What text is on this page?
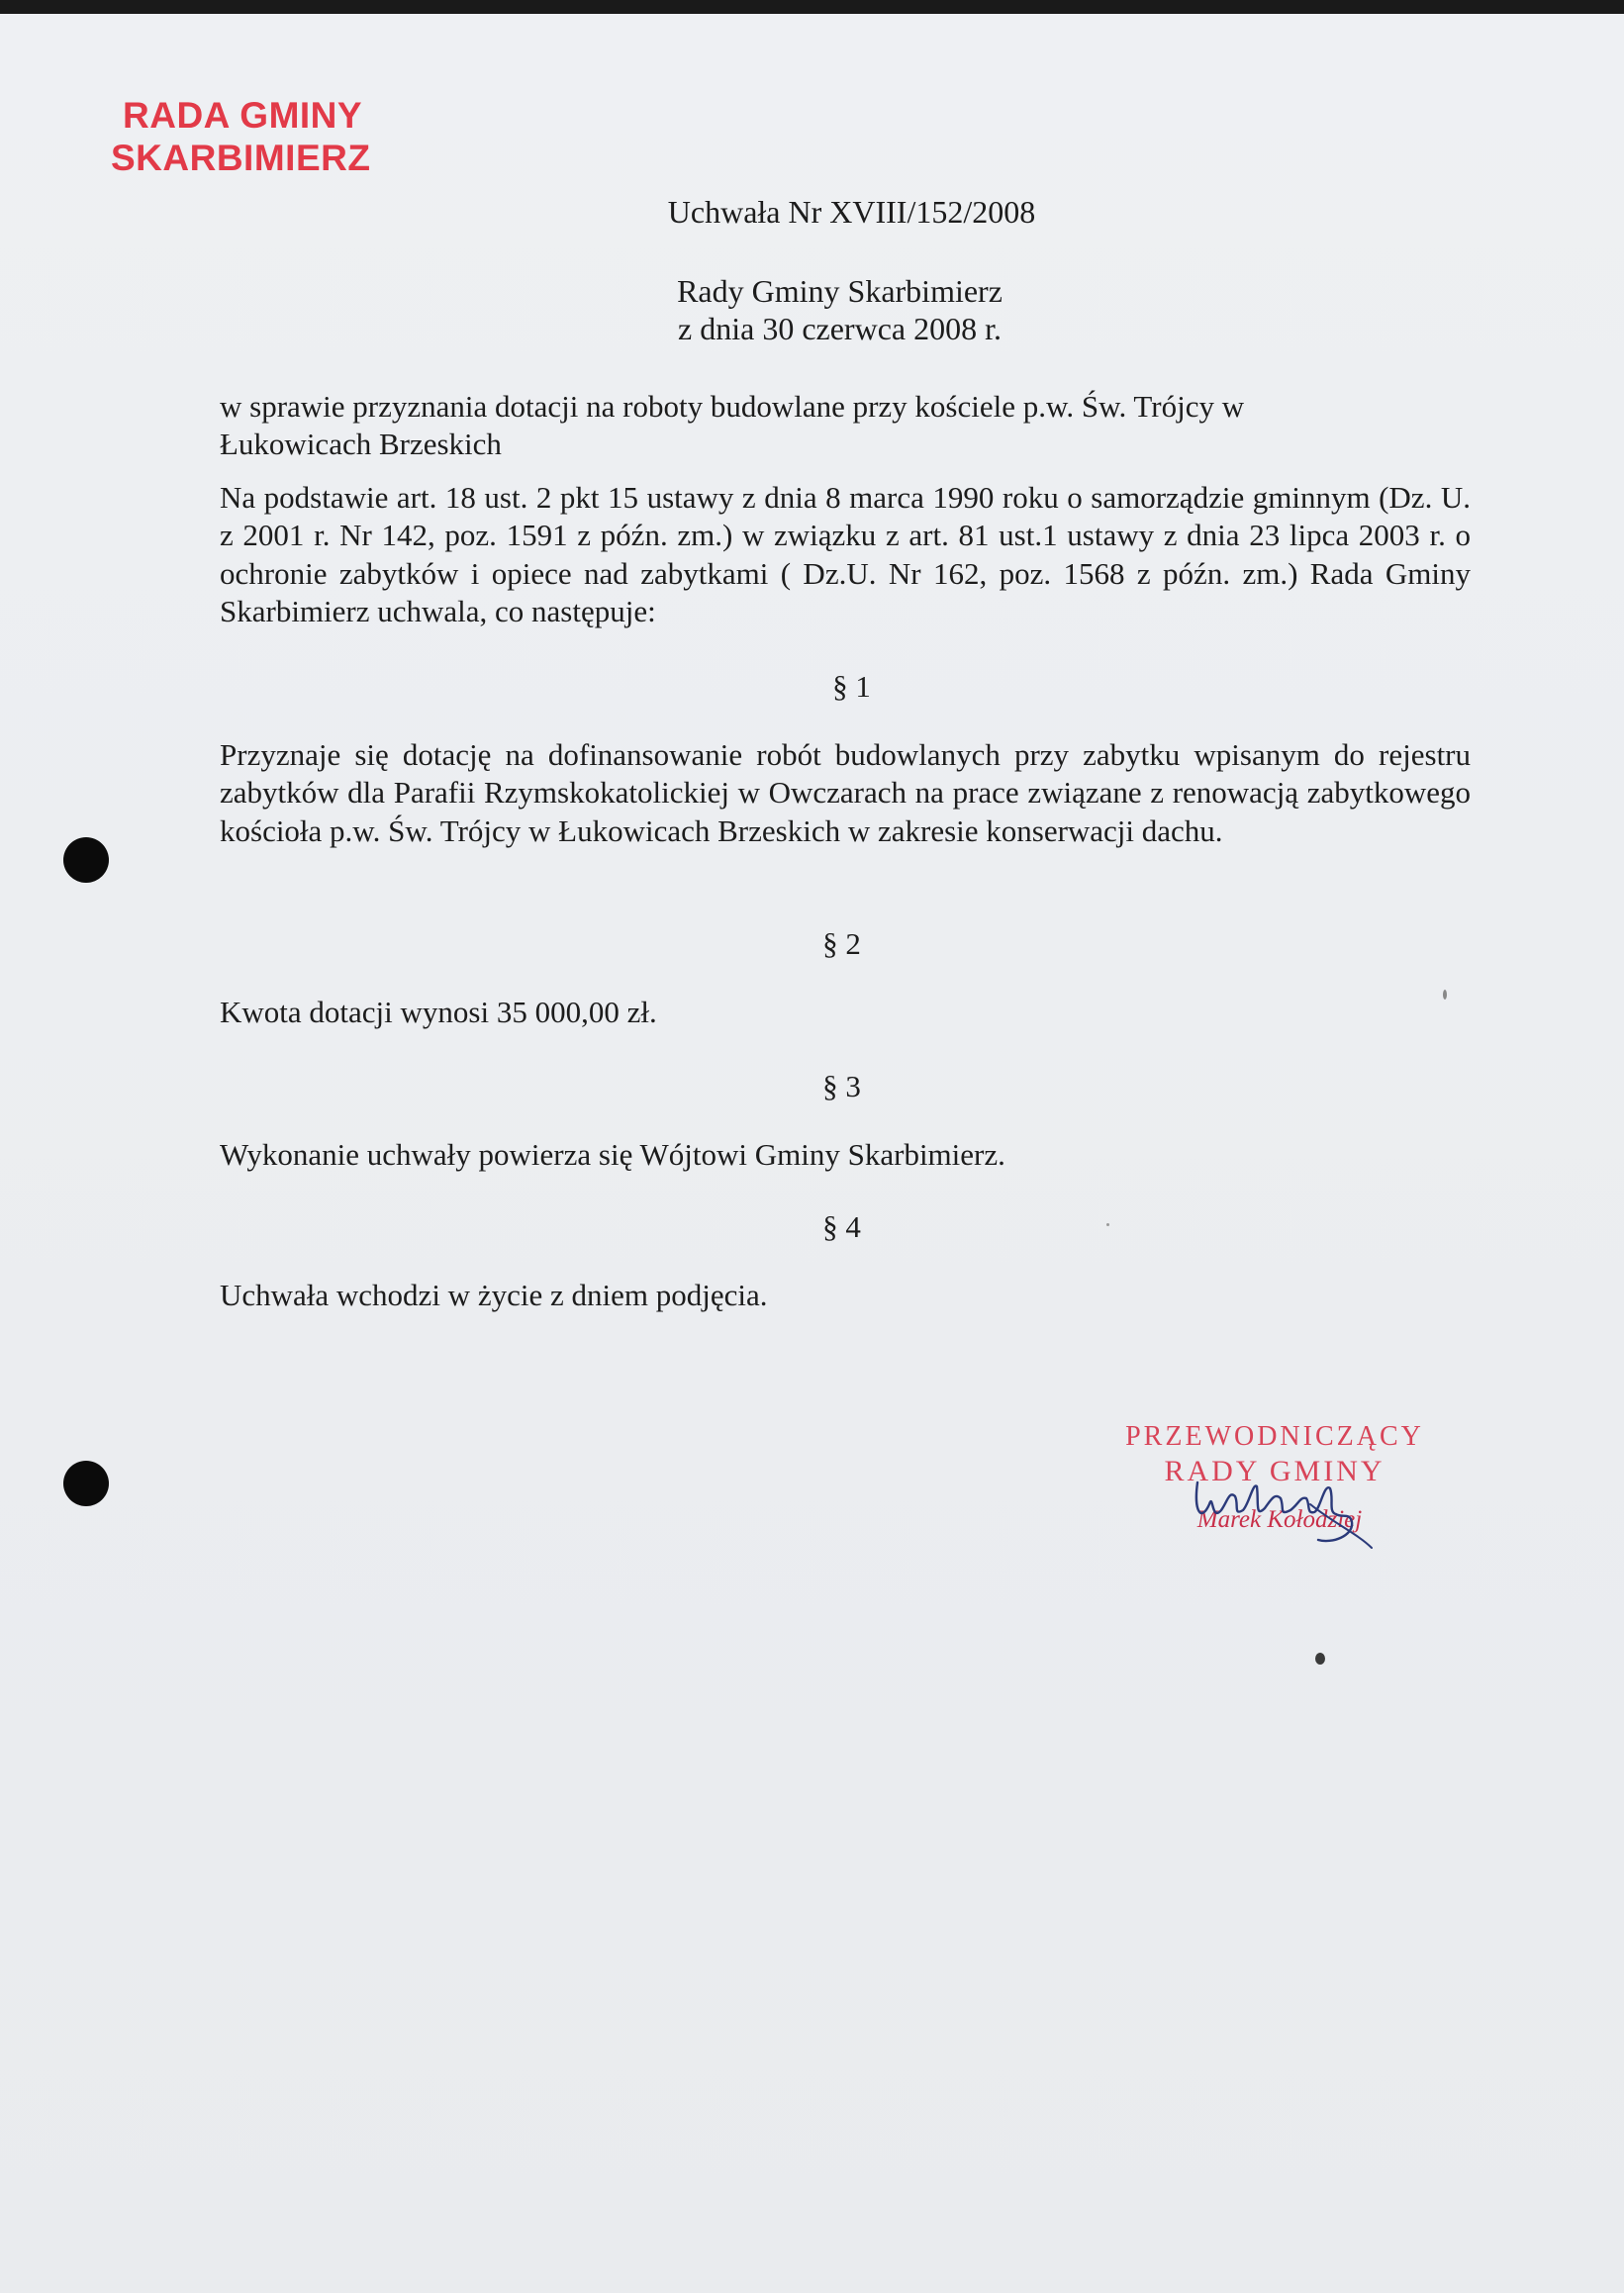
RADA GMINY
SKARBIMIERZ
Uchwała Nr XVIII/152/2008
Rady Gminy Skarbimierz
z dnia 30 czerwca 2008 r.
w sprawie przyznania dotacji na roboty budowlane przy kościele p.w. Św. Trójcy w Łukowicach Brzeskich
Na podstawie art. 18 ust. 2 pkt 15 ustawy z dnia 8 marca 1990 roku o samorządzie gminnym (Dz. U. z 2001 r. Nr 142, poz. 1591 z późn. zm.) w związku z art. 81 ust.1 ustawy z dnia 23 lipca 2003 r. o ochronie zabytków i opiece nad zabytkami ( Dz.U. Nr 162, poz. 1568 z późn. zm.) Rada Gminy Skarbimierz uchwala, co następuje:
§ 1
Przyznaje się dotację na dofinansowanie robót budowlanych przy zabytku wpisanym do rejestru zabytków dla Parafii Rzymskokatolickiej w Owczarach na prace związane z renowacją zabytkowego kościoła p.w. Św. Trójcy w Łukowicach Brzeskich w zakresie konserwacji dachu.
§ 2
Kwota dotacji wynosi 35 000,00 zł.
§ 3
Wykonanie uchwały powierza się Wójtowi Gminy Skarbimierz.
§ 4
Uchwała wchodzi w życie z dniem podjęcia.
PRZEWODNICZĄCY
RADY GMINY
Marek Kołodziej
